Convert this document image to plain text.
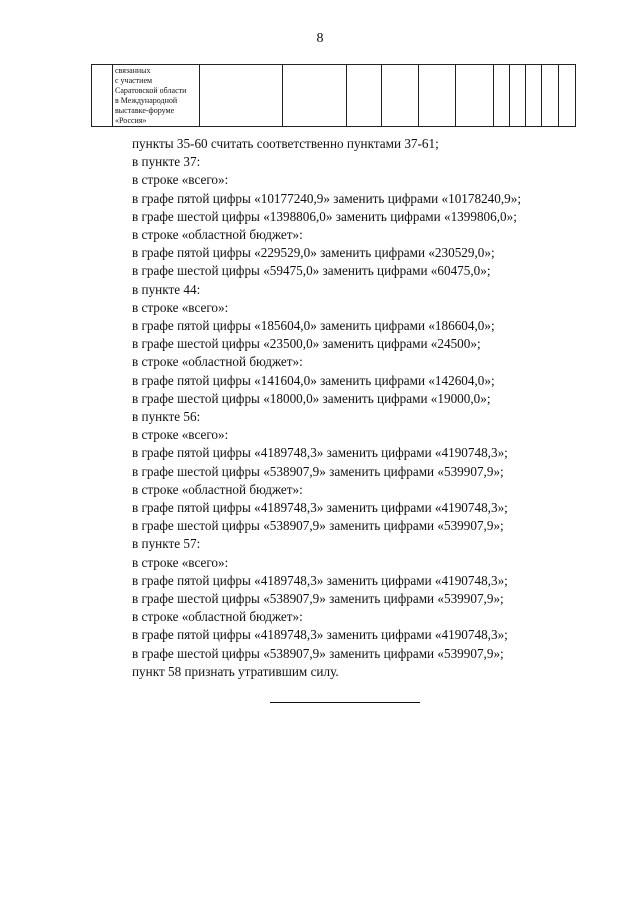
8
	связанных
с участием
Саратовской области
в Международной
выставке-форуме
«Россия»											
пункты 35-60 считать соответственно пунктами 37-61;
в пункте 37:
в строке «всего»:
в графе пятой цифры «10177240,9» заменить цифрами «10178240,9»;
в графе шестой цифры «1398806,0» заменить цифрами «1399806,0»;
в строке «областной бюджет»:
в графе пятой цифры «229529,0» заменить цифрами «230529,0»;
в графе шестой цифры «59475,0» заменить цифрами «60475,0»;
в пункте 44:
в строке «всего»:
в графе пятой цифры «185604,0» заменить цифрами «186604,0»;
в графе шестой цифры «23500,0» заменить цифрами «24500»;
в строке «областной бюджет»:
в графе пятой цифры «141604,0» заменить цифрами «142604,0»;
в графе шестой цифры «18000,0» заменить цифрами «19000,0»;
в пункте 56:
в строке «всего»:
в графе пятой цифры «4189748,3» заменить цифрами «4190748,3»;
в графе шестой цифры «538907,9» заменить цифрами «539907,9»;
в строке «областной бюджет»:
в графе пятой цифры «4189748,3» заменить цифрами «4190748,3»;
в графе шестой цифры «538907,9» заменить цифрами «539907,9»;
в пункте 57:
в строке «всего»:
в графе пятой цифры «4189748,3» заменить цифрами «4190748,3»;
в графе шестой цифры «538907,9» заменить цифрами «539907,9»;
в строке «областной бюджет»:
в графе пятой цифры «4189748,3» заменить цифрами «4190748,3»;
в графе шестой цифры «538907,9» заменить цифрами «539907,9»;
пункт 58 признать утратившим силу.
